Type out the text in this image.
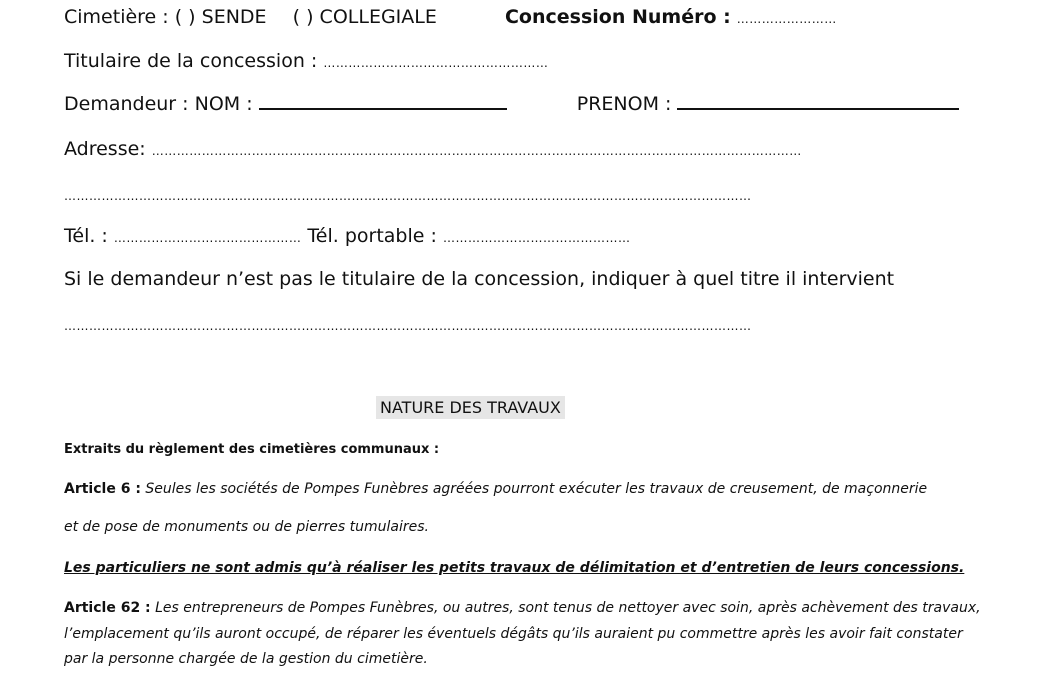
Cimetière : ( ) SENDE ( ) COLLEGIALE	Concession Numéro : ……………………
Titulaire de la concession : ………………………………………………
Demandeur : NOM :	PRENOM :
Adresse: …………………………………………………………………………………………………………………………………………
…………………………………………………………………………………………………………………………………………………
Tél. : ……………………………………… Tél. portable : ………………………………………
Si le demandeur n’est pas le titulaire de la concession, indiquer à quel titre il intervient
…………………………………………………………………………………………………………………………………………………
NATURE DES TRAVAUX
Extraits du règlement des cimetières communaux :
Article 6 : Seules les sociétés de Pompes Funèbres agréées pourront exécuter les travaux de creusement, de maçonnerie
et de pose de monuments ou de pierres tumulaires.
Les particuliers ne sont admis qu’à réaliser les petits travaux de délimitation et d’entretien de leurs concessions.
Article 62 : Les entrepreneurs de Pompes Funèbres, ou autres, sont tenus de nettoyer avec soin, après achèvement des travaux,
l’emplacement qu’ils auront occupé, de réparer les éventuels dégâts qu’ils auraient pu commettre après les avoir fait constater
par la personne chargée de la gestion du cimetière.
